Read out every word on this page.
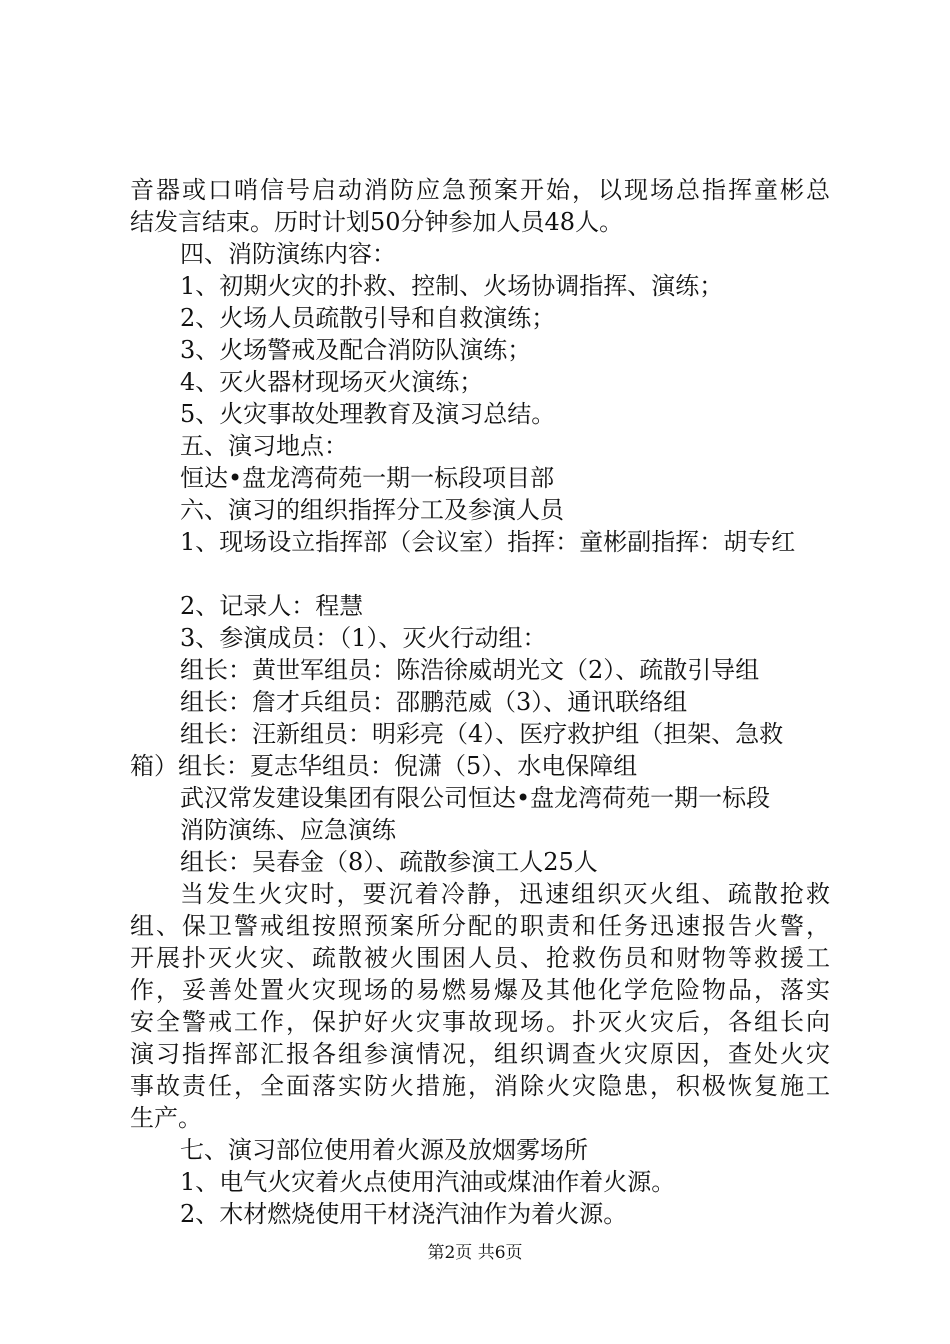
音器或口哨信号启动消防应急预案开始，以现场总指挥童彬总
结发言结束。历时计划50分钟参加人员48人。
四、消防演练内容：
1、初期火灾的扑救、控制、火场协调指挥、演练；
2、火场人员疏散引导和自救演练；
3、火场警戒及配合消防队演练；
4、灭火器材现场灭火演练；
5、火灾事故处理教育及演习总结。
五、演习地点：
恒达•盘龙湾荷苑一期一标段项目部
六、演习的组织指挥分工及参演人员
1、现场设立指挥部（会议室）指挥：童彬副指挥：胡专红
2、记录人：程慧
3、参演成员：（1）、灭火行动组：
组长：黄世军组员：陈浩徐威胡光文（2）、疏散引导组
组长：詹才兵组员：邵鹏范威（3）、通讯联络组
组长：汪新组员：明彩亮（4）、医疗救护组（担架、急救
箱）组长：夏志华组员：倪潇（5）、水电保障组
武汉常发建设集团有限公司恒达•盘龙湾荷苑一期一标段
消防演练、应急演练
组长：吴春金（8）、疏散参演工人25人
当发生火灾时，要沉着冷静，迅速组织灭火组、疏散抢救
组、保卫警戒组按照预案所分配的职责和任务迅速报告火警，
开展扑灭火灾、疏散被火围困人员、抢救伤员和财物等救援工
作，妥善处置火灾现场的易燃易爆及其他化学危险物品，落实
安全警戒工作，保护好火灾事故现场。扑灭火灾后，各组长向
演习指挥部汇报各组参演情况，组织调查火灾原因，查处火灾
事故责任，全面落实防火措施，消除火灾隐患，积极恢复施工
生产。
七、演习部位使用着火源及放烟雾场所
1、电气火灾着火点使用汽油或煤油作着火源。
2、木材燃烧使用干材浇汽油作为着火源。
第2页 共6页
